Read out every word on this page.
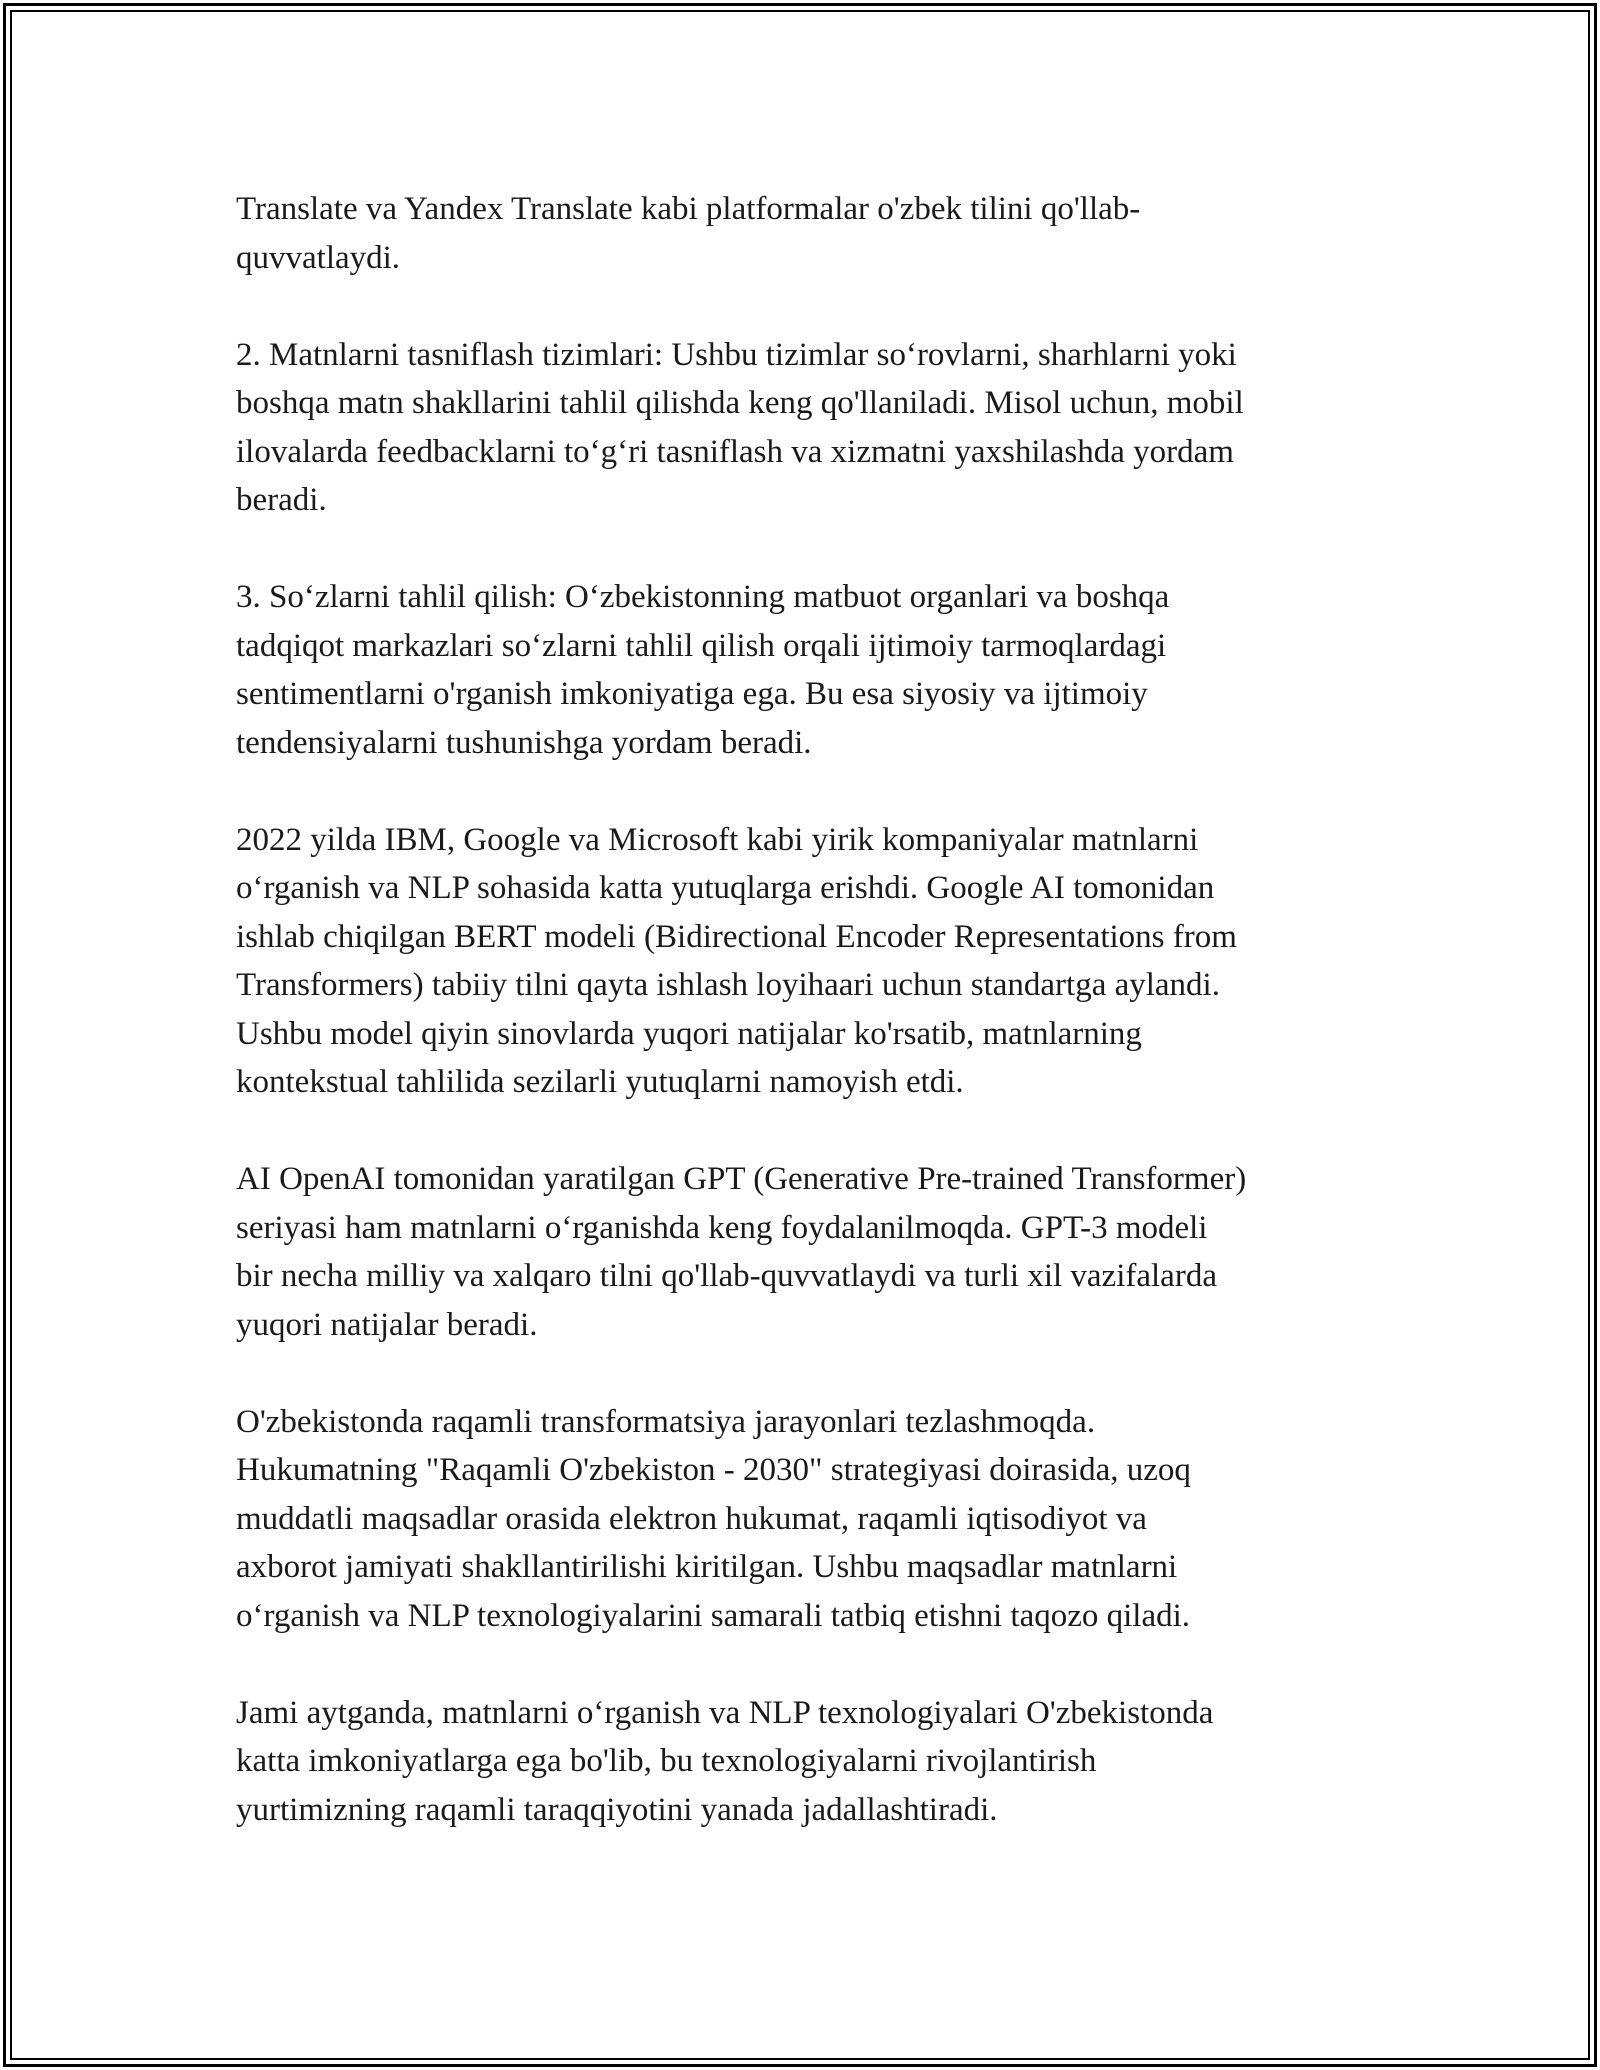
Translate va Yandex Translate kabi platformalar o'zbek tilini qo'llab-
quvvatlaydi.

2. Matnlarni tasniflash tizimlari: Ushbu tizimlar so‘rovlarni, sharhlarni yoki
boshqa matn shakllarini tahlil qilishda keng qo'llaniladi. Misol uchun, mobil
ilovalarda feedbacklarni to‘g‘ri tasniflash va xizmatni yaxshilashda yordam
beradi.

3. So‘zlarni tahlil qilish: O‘zbekistonning matbuot organlari va boshqa
tadqiqot markazlari so‘zlarni tahlil qilish orqali ijtimoiy tarmoqlardagi
sentimentlarni o'rganish imkoniyatiga ega. Bu esa siyosiy va ijtimoiy
tendensiyalarni tushunishga yordam beradi.

2022 yilda IBM, Google va Microsoft kabi yirik kompaniyalar matnlarni
o‘rganish va NLP sohasida katta yutuqlarga erishdi. Google AI tomonidan
ishlab chiqilgan BERT modeli (Bidirectional Encoder Representations from
Transformers) tabiiy tilni qayta ishlash loyihaari uchun standartga aylandi.
Ushbu model qiyin sinovlarda yuqori natijalar ko'rsatib, matnlarning
kontekstual tahlilida sezilarli yutuqlarni namoyish etdi.

AI OpenAI tomonidan yaratilgan GPT (Generative Pre-trained Transformer)
seriyasi ham matnlarni o‘rganishda keng foydalanilmoqda. GPT-3 modeli
bir necha milliy va xalqaro tilni qo'llab-quvvatlaydi va turli xil vazifalarda
yuqori natijalar beradi.

O'zbekistonda raqamli transformatsiya jarayonlari tezlashmoqda.
Hukumatning "Raqamli O'zbekiston - 2030" strategiyasi doirasida, uzoq
muddatli maqsadlar orasida elektron hukumat, raqamli iqtisodiyot va
axborot jamiyati shakllantirilishi kiritilgan. Ushbu maqsadlar matnlarni
o‘rganish va NLP texnologiyalarini samarali tatbiq etishni taqozo qiladi.

Jami aytganda, matnlarni o‘rganish va NLP texnologiyalari O'zbekistonda
katta imkoniyatlarga ega bo'lib, bu texnologiyalarni rivojlantirish
yurtimizning raqamli taraqqiyotini yanada jadallashtiradi.
